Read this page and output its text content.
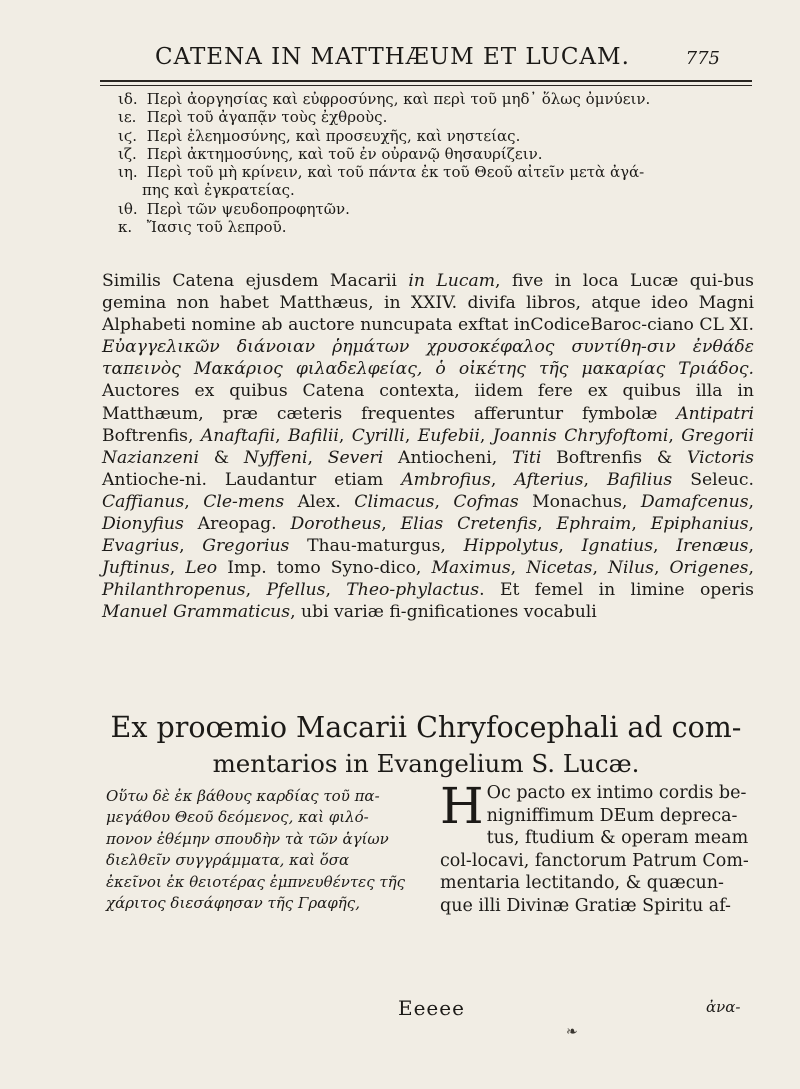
CATENA IN MATTHÆUM ET LUCAM.	775
ιδ. Περὶ ἀοργησίας καὶ εὐφροσύνης, καὶ περὶ τοῦ μηδ᾽ ὅλως ὀμνύειν.
ιε. Περὶ τοῦ ἀγαπᾷν τοὺς ἐχθροὺς.
ιϛ. Περὶ ἐλεημοσύνης, καὶ προσευχῆς, καὶ νηστείας.
ιζ. Περὶ ἀκτημοσύνης, καὶ τοῦ ἐν οὐρανῷ θησαυρίζειν.
ιη. Περὶ τοῦ μὴ κρίνειν, καὶ τοῦ πάντα ἐκ τοῦ Θεοῦ αἰτεῖν μετὰ ἀγά-
πης καὶ ἐγκρατείας.
ιθ. Περὶ τῶν ψευδοπροφητῶν.
κ. Ἴασις τοῦ λεπροῦ.

Similis Catena ejusdem Macarii in Lucam, five in loca Lucæ qui-bus gemina non habet Matthæus, in XXIV. divifa libros, atque ideo Magni Alphabeti nomine ab auctore nuncupata exftat inCodiceBaroc-ciano CL XI. Εὐαγγελικῶν διάνοιαν ῥημάτων χρυσοκέφαλος συντίθη-σιν ἐνθάδε ταπεινὸς Μακάριος φιλαδελφείας, ὁ οἰκέτης τῆς μακαρίας Τριάδος. Auctores ex quibus Catena contexta, iidem fere ex quibus illa in Matthæum, præ cæteris frequentes afferuntur fymbolæ Antipatri Boftrenfis, Anaftafii, Bafilii, Cyrilli, Eufebii, Joannis Chryfoftomi, Gregorii Nazianzeni & Nyffeni, Severi Antiocheni, Titi Boftrenfis & Victoris Antioche-ni. Laudantur etiam Ambrofius, Afterius, Bafilius Seleuc. Caffianus, Cle-mens Alex. Climacus, Cofmas Monachus, Damafcenus, Dionyfius Areopag. Dorotheus, Elias Cretenfis, Ephraim, Epiphanius, Evagrius, Gregorius Thau-maturgus, Hippolytus, Ignatius, Irenæus, Juftinus, Leo Imp. tomo Syno-dico, Maximus, Nicetas, Nilus, Origenes, Philanthropenus, Pfellus, Theo-phylactus. Et femel in limine operis Manuel Grammaticus, ubi variæ fi-gnificationes vocabuli

Ex proœmio Macarii Chryfocephali ad com-
mentarios in Evangelium S. Lucæ.
Οὕτω δὲ ἐκ βάθους καρδίας τοῦ πα-
μεγάθου Θεοῦ δεόμενος, καὶ φιλό-
πονον ἐθέμην σπουδὴν τὰ τῶν ἁγίων
διελθεῖν συγγράμματα, καὶ ὅσα
ἐκεῖνοι ἐκ θειοτέρας ἐμπνευθέντες τῆς
χάριτος διεσάφησαν τῆς Γραφῆς,
H Oc pacto ex intimo cordis be-nigniffimum DEum depreca-tus, ftudium & operam meam col-locavi, fanctorum Patrum Com-mentaria lectitando, & quæcun-que illi Divinæ Gratiæ Spiritu af-
Eeeee	ἀνα-
❧
